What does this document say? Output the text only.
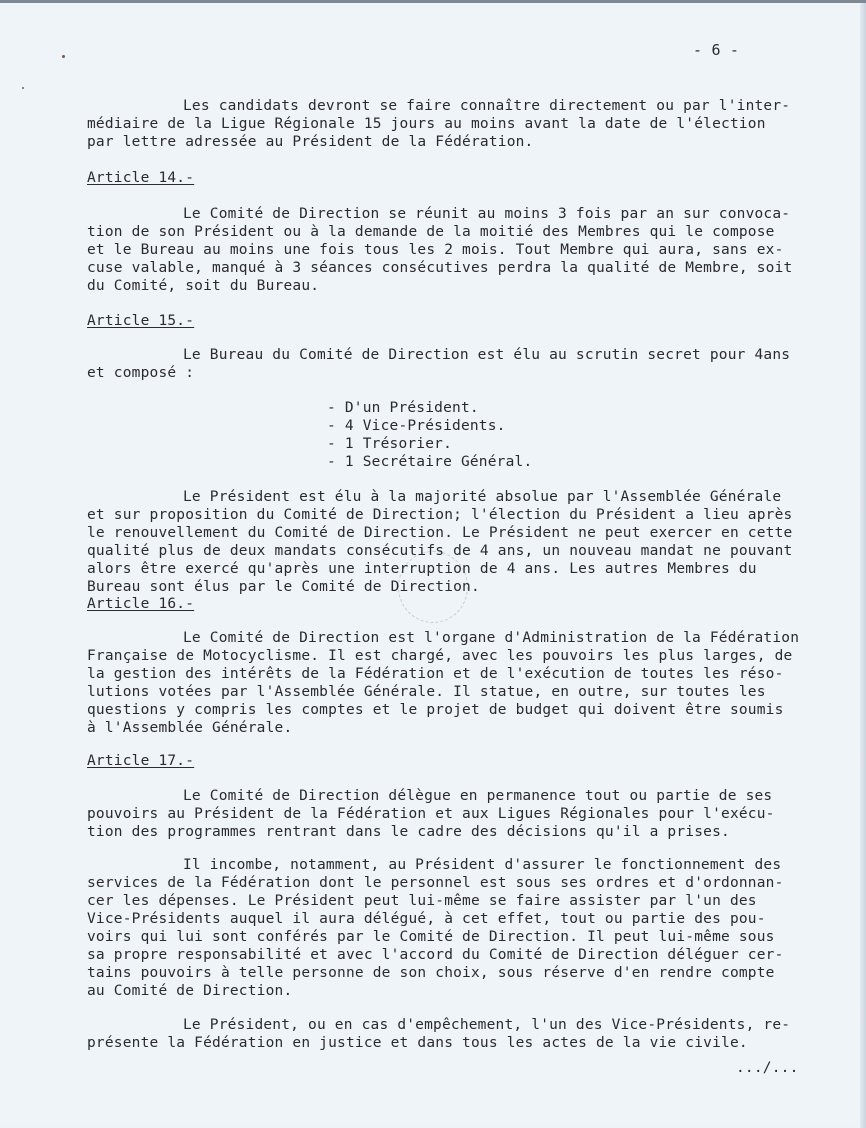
- 6 -
Les candidats devront se faire connaître directement ou par l'inter-
médiaire de la Ligue Régionale 15 jours au moins avant la date de l'élection
par lettre adressée au Président de la Fédération.
Article 14.-
Le Comité de Direction se réunit au moins 3 fois par an sur convoca-
tion de son Président ou à la demande de la moitié des Membres qui le compose
et le Bureau au moins une fois tous les 2 mois. Tout Membre qui aura, sans ex-
cuse valable, manqué à 3 séances consécutives perdra la qualité de Membre, soit
du Comité, soit du Bureau.
Article 15.-
Le Bureau du Comité de Direction est élu au scrutin secret pour 4ans
et composé :
- D'un Président.
- 4 Vice-Présidents.
- 1 Trésorier.
- 1 Secrétaire Général.
Le Président est élu à la majorité absolue par l'Assemblée Générale
et sur proposition du Comité de Direction; l'élection du Président a lieu après
le renouvellement du Comité de Direction. Le Président ne peut exercer en cette
qualité plus de deux mandats consécutifs de 4 ans, un nouveau mandat ne pouvant
alors être exercé qu'après une interruption de 4 ans. Les autres Membres du
Bureau sont élus par le Comité de Direction.
Article 16.-
Le Comité de Direction est l'organe d'Administration de la Fédération
Française de Motocyclisme. Il est chargé, avec les pouvoirs les plus larges, de
la gestion des intérêts de la Fédération et de l'exécution de toutes les réso-
lutions votées par l'Assemblée Générale. Il statue, en outre, sur toutes les
questions y compris les comptes et le projet de budget qui doivent être soumis
à l'Assemblée Générale.
Article 17.-
Le Comité de Direction délègue en permanence tout ou partie de ses
pouvoirs au Président de la Fédération et aux Ligues Régionales pour l'exécu-
tion des programmes rentrant dans le cadre des décisions qu'il a prises.
Il incombe, notamment, au Président d'assurer le fonctionnement des
services de la Fédération dont le personnel est sous ses ordres et d'ordonnan-
cer les dépenses. Le Président peut lui-même se faire assister par l'un des
Vice-Présidents auquel il aura délégué, à cet effet, tout ou partie des pou-
voirs qui lui sont conférés par le Comité de Direction. Il peut lui-même sous
sa propre responsabilité et avec l'accord du Comité de Direction déléguer cer-
tains pouvoirs à telle personne de son choix, sous réserve d'en rendre compte
au Comité de Direction.
Le Président, ou en cas d'empêchement, l'un des Vice-Présidents, re-
présente la Fédération en justice et dans tous les actes de la vie civile.
.../...
